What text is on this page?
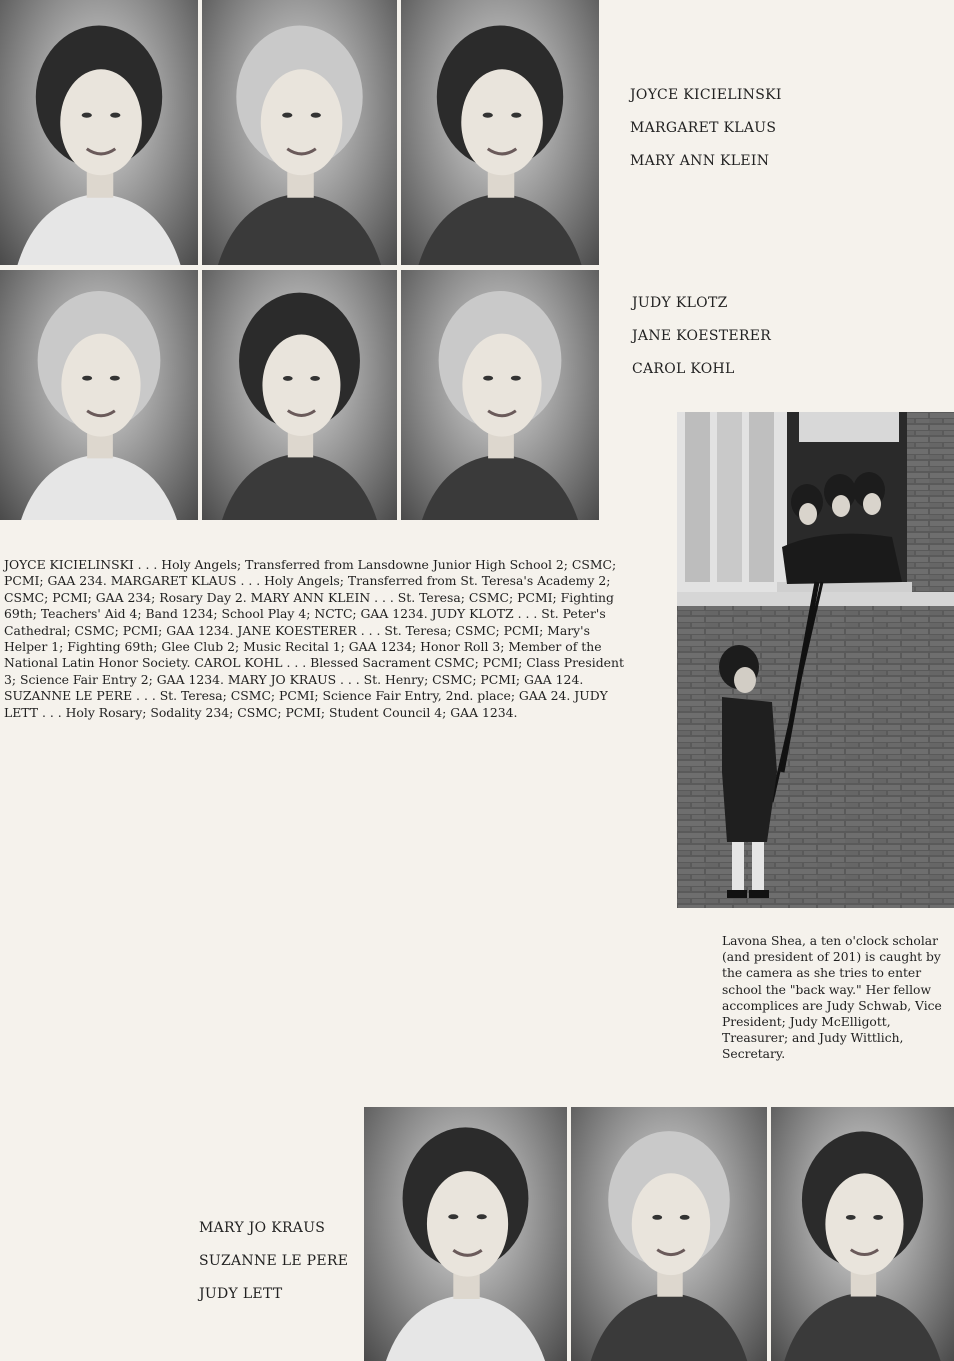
JOYCE KICIELINSKI
MARGARET KLAUS
MARY ANN KLEIN
JUDY KLOTZ
JANE KOESTERER
CAROL KOHL

JOYCE KICIELINSKI . . . Holy Angels; Transferred from Lansdowne Junior High School 2; CSMC; PCMI; GAA 234. MARGARET KLAUS . . . Holy Angels; Transferred from St. Teresa's Academy 2; CSMC; PCMI; GAA 234; Rosary Day 2. MARY ANN KLEIN . . . St. Teresa; CSMC; PCMI; Fighting 69th; Teachers' Aid 4; Band 1234; School Play 4; NCTC; GAA 1234. JUDY KLOTZ . . . St. Peter's Cathedral; CSMC; PCMI; GAA 1234. JANE KOESTERER . . . St. Teresa; CSMC; PCMI; Mary's Helper 1; Fighting 69th; Glee Club 2; Music Recital 1; GAA 1234; Honor Roll 3; Member of the National Latin Honor Society. CAROL KOHL . . . Blessed Sacrament CSMC; PCMI; Class President 3; Science Fair Entry 2; GAA 1234. MARY JO KRAUS . . . St. Henry; CSMC; PCMI; GAA 124. SUZANNE LE PERE . . . St. Teresa; CSMC; PCMI; Science Fair Entry, 2nd. place; GAA 24. JUDY LETT . . . Holy Rosary; Sodality 234; CSMC; PCMI; Student Council 4; GAA 1234.

Lavona Shea, a ten o'clock scholar (and president of 201) is caught by the camera as she tries to enter school the "back way." Her fellow accomplices are Judy Schwab, Vice President; Judy McElligott, Treasurer; and Judy Wittlich, Secretary.

MARY JO KRAUS
SUZANNE LE PERE
JUDY LETT
